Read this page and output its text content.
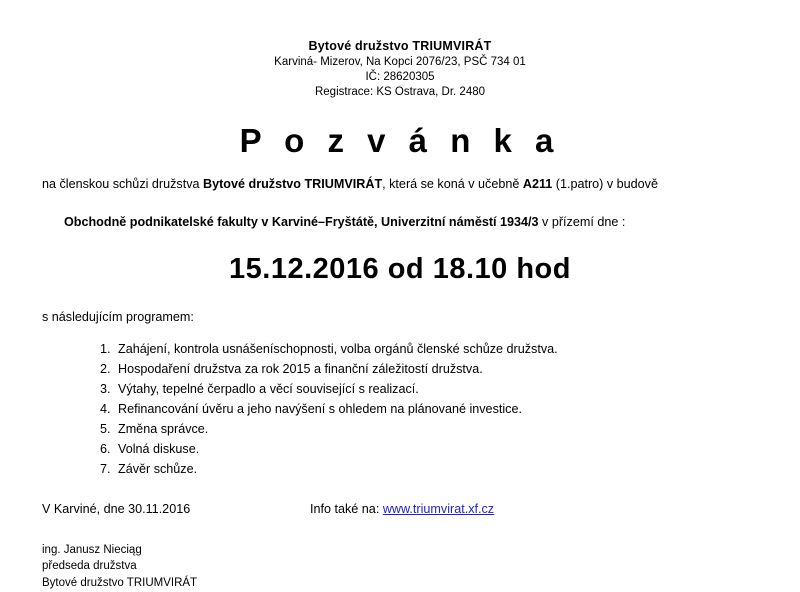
Bytové družstvo TRIUMVIRÁT
Karviná- Mizerov, Na Kopci 2076/23, PSČ 734 01
IČ: 28620305
Registrace: KS Ostrava, Dr. 2480
P o z v á n k a
na členskou schůzi družstva Bytové družstvo TRIUMVIRÁT, která se koná v učebně A211 (1.patro) v budově
Obchodně podnikatelské fakulty v Karviné–Fryštátě, Univerzitní náměstí 1934/3 v přízemí dne :
15.12.2016 od 18.10 hod
s následujícím programem:
1. Zahájení, kontrola usnášeníschopnosti, volba orgánů členské schůze družstva.
2. Hospodaření družstva za rok 2015 a finanční záležitostí družstva.
3. Výtahy, tepelné čerpadlo a věcí související s realizací.
4. Refinancování úvěru a jeho navýšení s ohledem na plánované investice.
5. Změna správce.
6. Volná diskuse.
7. Závěr schůze.
V Karviné, dne 30.11.2016	Info také na: www.triumvirat.xf.cz
ing. Janusz Nieciąg
předseda družstva
Bytové družstvo TRIUMVIRÁT
